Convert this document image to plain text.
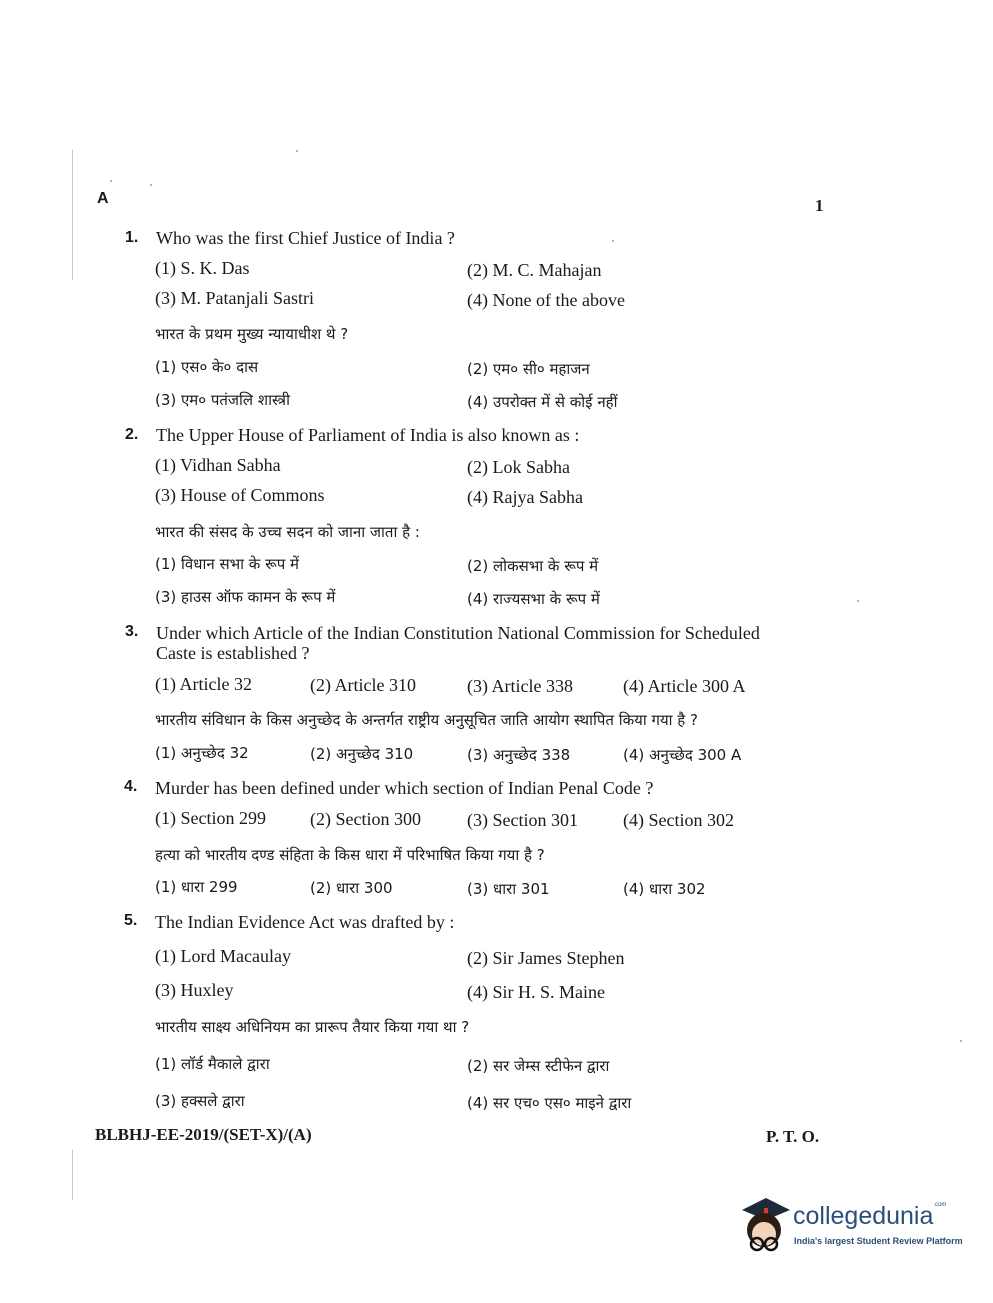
A	1
1. Who was the first Chief Justice of India ?
(1) S. K. Das	(2) M. C. Mahajan
(3) M. Patanjali Sastri	(4) None of the above
भारत के प्रथम मुख्य न्यायाधीश थे ?
(1) एस० के० दास	(2) एम० सी० महाजन
(3) एम० पतंजलि शास्त्री	(4) उपरोक्त में से कोई नहीं
2. The Upper House of Parliament of India is also known as :
(1) Vidhan Sabha	(2) Lok Sabha
(3) House of Commons	(4) Rajya Sabha
भारत की संसद के उच्च सदन को जाना जाता है :
(1) विधान सभा के रूप में	(2) लोकसभा के रूप में
(3) हाउस ऑफ कामन के रूप में	(4) राज्यसभा के रूप में
3. Under which Article of the Indian Constitution National Commission for Scheduled
Caste is established ?
(1) Article 32	(2) Article 310	(3) Article 338	(4) Article 300 A
भारतीय संविधान के किस अनुच्छेद के अन्तर्गत राष्ट्रीय अनुसूचित जाति आयोग स्थापित किया गया है ?
(1) अनुच्छेद 32	(2) अनुच्छेद 310	(3) अनुच्छेद 338	(4) अनुच्छेद 300 A
4. Murder has been defined under which section of Indian Penal Code ?
(1) Section 299 (2) Section 300	(3) Section 301	(4) Section 302
हत्या को भारतीय दण्ड संहिता के किस धारा में परिभाषित किया गया है ?
(1) धारा 299	(2) धारा 300	(3) धारा 301	(4) धारा 302
5. The Indian Evidence Act was drafted by :
(1) Lord Macaulay	(2) Sir James Stephen
(3) Huxley	(4) Sir H. S. Maine
भारतीय साक्ष्य अधिनियम का प्रारूप तैयार किया गया था ?
(1) लॉर्ड मैकाले द्वारा	(2) सर जेम्स स्टीफेन द्वारा
(3) हक्सले द्वारा	(4) सर एच० एस० माइने द्वारा
BLBHJ-EE-2019/(SET-X)/(A)	P. T. O.
collegedunia$^{.com}$
India's largest Student Review Platform
